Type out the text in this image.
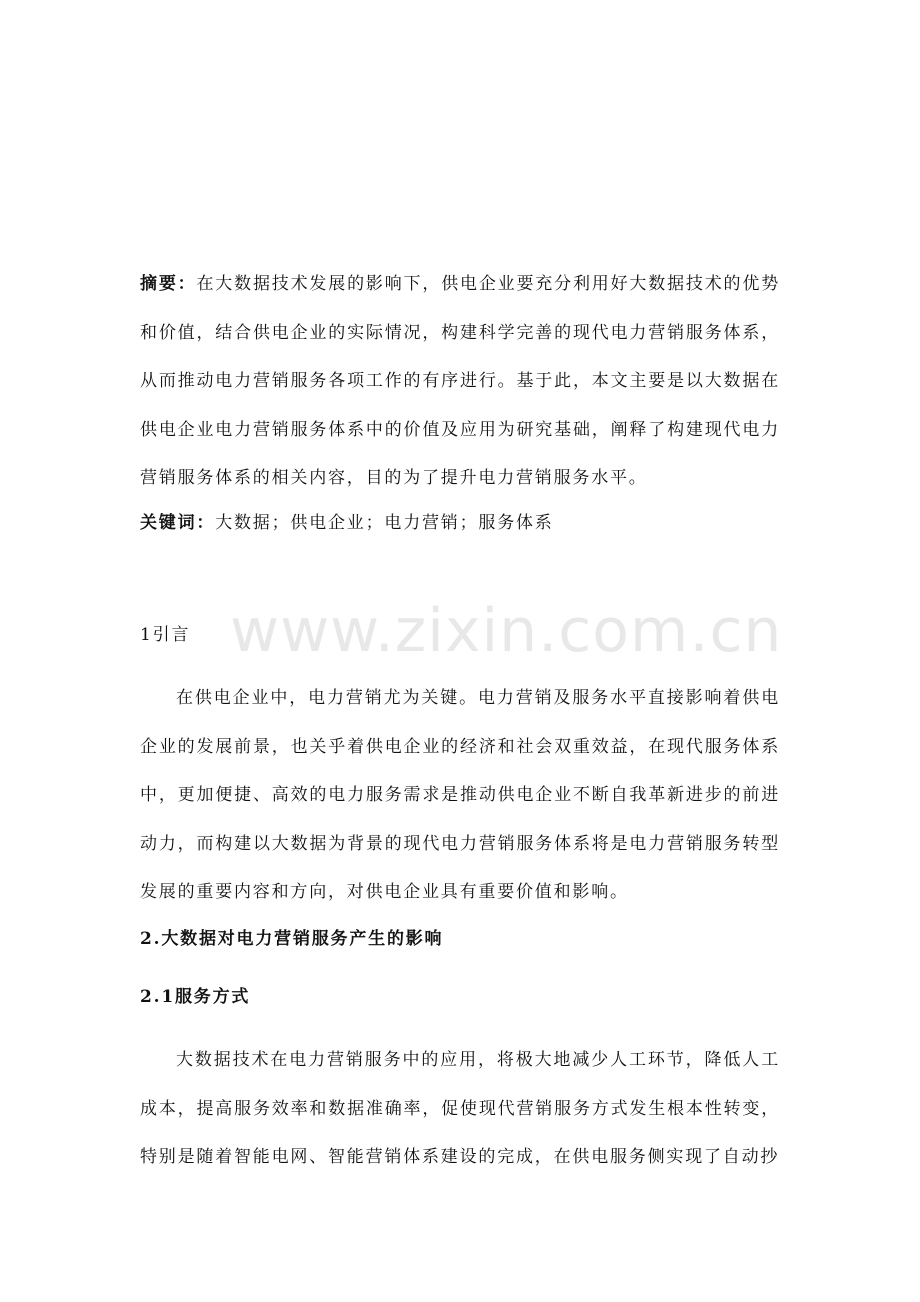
摘要：在大数据技术发展的影响下，供电企业要充分利用好大数据技术的优势和价值，结合供电企业的实际情况，构建科学完善的现代电力营销服务体系，从而推动电力营销服务各项工作的有序进行。基于此，本文主要是以大数据在供电企业电力营销服务体系中的价值及应用为研究基础，阐释了构建现代电力营销服务体系的相关内容，目的为了提升电力营销服务水平。
关键词：大数据；供电企业；电力营销；服务体系
1引言
在供电企业中，电力营销尤为关键。电力营销及服务水平直接影响着供电企业的发展前景，也关乎着供电企业的经济和社会双重效益，在现代服务体系中，更加便捷、高效的电力服务需求是推动供电企业不断自我革新进步的前进动力，而构建以大数据为背景的现代电力营销服务体系将是电力营销服务转型发展的重要内容和方向，对供电企业具有重要价值和影响。
2.大数据对电力营销服务产生的影响
2.1服务方式
大数据技术在电力营销服务中的应用，将极大地减少人工环节，降低人工成本，提高服务效率和数据准确率，促使现代营销服务方式发生根本性转变，特别是随着智能电网、智能营销体系建设的完成，在供电服务侧实现了自动抄
www.zixin.com.cn
